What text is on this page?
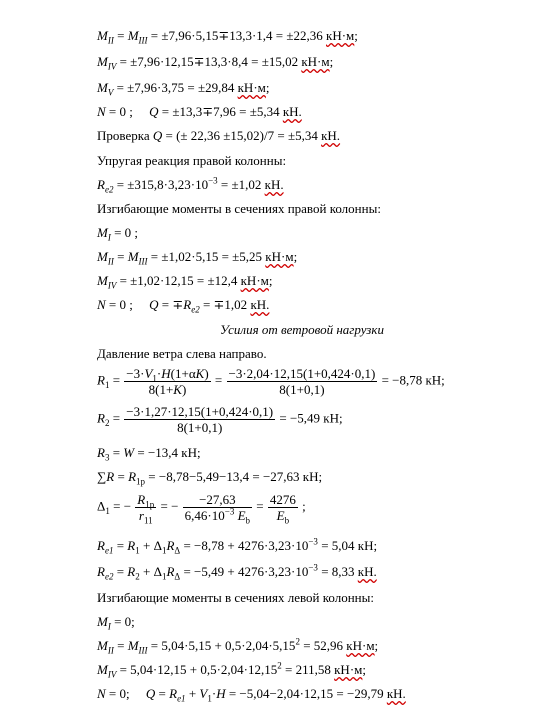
$M_{II} = M_{III} = \pm 7,96\cdot 5,15\mp 13,3\cdot 1,4 = \pm 22,36$ кН·м;
$M_{IV} = \pm 7,96\cdot 12,15\mp 13,3\cdot 8,4 = \pm 15,02$ кН·м;
$M_V = \pm 7,96\cdot 3,75 = \pm 29,84$ кН·м;
N = 0 ;     Q = ±13,3∓7,96 = ±5,34 кН.
Проверка Q = (± 22,36 ±15,02)/7 = ±5,34 кН.
Упругая реакция правой колонны:
$R_{е2} = \pm 315,8\cdot 3,23\cdot 10^{-3} = \pm 1,02$ кН.
Изгибающие моменты в сечениях правой колонны:
$M_I = 0$ ;
$M_{II} = M_{III} = \pm 1,02\cdot 5,15 = \pm 5,25$ кН·м;
$M_{IV} = \pm 1,02\cdot 12,15 = \pm 12,4$ кН·м;
N = 0 ;     $Q = \mp R_{е2} = \mp 1,02$ кН.
Усилия от ветровой нагрузки
Давление ветра слева направо.
$R_1 = \frac{-3\cdot V_1\cdot H(1+\alpha K)}{8(1+K)} = \frac{-3\cdot 2,04\cdot 12,15(1+0,424\cdot 0,1)}{8(1+0,1)} = -8,78$ кН;
$R_2 = \frac{-3\cdot 1,27\cdot 12,15(1+0,424\cdot 0,1)}{8(1+0,1)} = -5,49$ кН;
$R_3 = W = -13,4$ кН;
$\sum R = R_{1р} = -8,78-5,49-13,4 = -27,63$ кН;
$\Delta_1$ = − $\frac{R_{1р}}{r_{11}}$ = − $\frac{-27,63}{6,46\cdot 10^{-3} E_b} = \frac{4276}{E_b}$ ;
$R_{е1} = R_1 + \Delta_1R_\Delta = -8,78 + 4276\cdot 3,23\cdot 10^{-3} = 5,04$ кН;
$R_{е2} = R_2 + \Delta_1R_\Delta = -5,49 + 4276\cdot 3,23\cdot 10^{-3} = 8,33$ кН.
Изгибающие моменты в сечениях левой колонны:
$M_I = 0$;
$M_{II} = M_{III} = 5,04\cdot 5,15 + 0,5\cdot 2,04\cdot 5,15^2 = 52,96$ кН·м;
$M_{IV} = 5,04\cdot 12,15 + 0,5\cdot 2,04\cdot 12,15^2 = 211,58$ кН·м;
N = 0;     $Q = R_{е1} + V_1\cdot H = -5,04-2,04\cdot 12,15 = -29,79$ кН.
